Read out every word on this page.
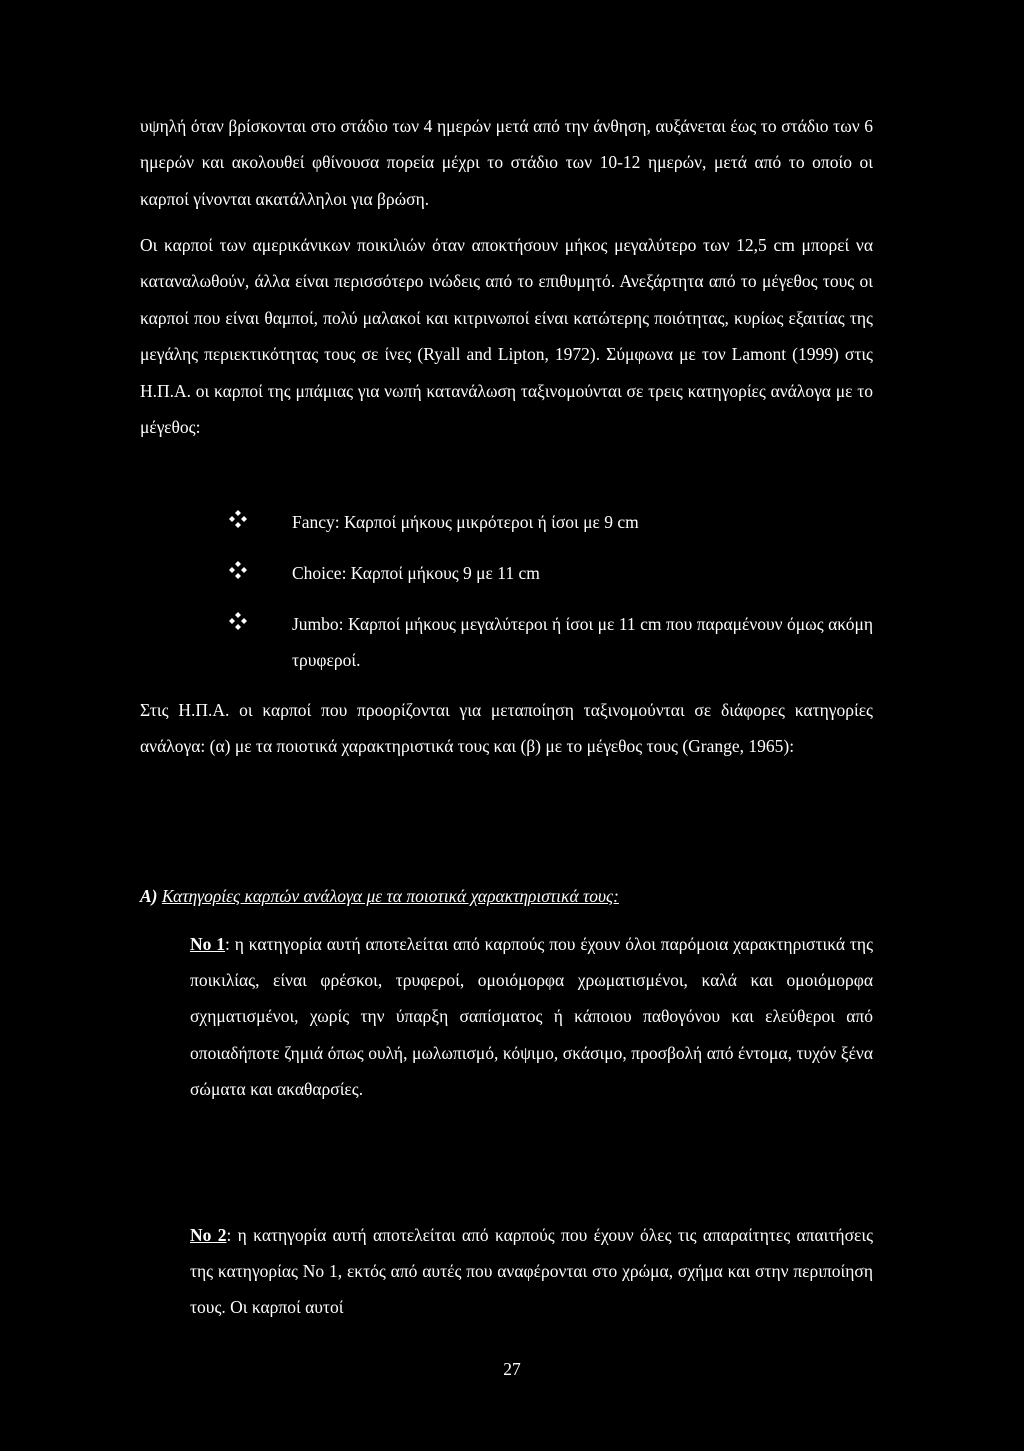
υψηλή όταν βρίσκονται στο στάδιο των 4 ημερών μετά από την άνθηση, αυξάνεται έως το στάδιο των 6 ημερών και ακολουθεί φθίνουσα πορεία μέχρι το στάδιο των 10-12 ημερών, μετά από το οποίο οι καρποί γίνονται ακατάλληλοι για βρώση.

Οι καρποί των αμερικάνικων ποικιλιών όταν αποκτήσουν μήκος μεγαλύτερο των 12,5 cm μπορεί να καταναλωθούν, άλλα είναι περισσότερο ινώδεις από το επιθυμητό. Ανεξάρτητα από το μέγεθος τους οι καρποί που είναι θαμποί, πολύ μαλακοί και κιτρινωποί είναι κατώτερης ποιότητας, κυρίως εξαιτίας της μεγάλης περιεκτικότητας τους σε ίνες (Ryall and Lipton, 1972). Σύμφωνα με τον Lamont (1999) στις Η.Π.Α. οι καρποί της μπάμιας για νωπή κατανάλωση ταξινομούνται σε τρεις κατηγορίες ανάλογα με το μέγεθος:

Fancy: Καρποί μήκους μικρότεροι ή ίσοι με 9 cm

Choice: Καρποί μήκους 9 με 11 cm

Jumbo: Καρποί μήκους μεγαλύτεροι ή ίσοι με 11 cm που παραμένουν όμως ακόμη τρυφεροί.

Στις Η.Π.Α. οι καρποί που προορίζονται για μεταποίηση ταξινομούνται σε διάφορες κατηγορίες ανάλογα: (α) με τα ποιοτικά χαρακτηριστικά τους και (β) με το μέγεθος τους (Grange, 1965):

Α) Κατηγορίες καρπών ανάλογα με τα ποιοτικά χαρακτηριστικά τους:

No 1: η κατηγορία αυτή αποτελείται από καρπούς που έχουν όλοι παρόμοια χαρακτηριστικά της ποικιλίας, είναι φρέσκοι, τρυφεροί, ομοιόμορφα χρωματισμένοι, καλά και ομοιόμορφα σχηματισμένοι, χωρίς την ύπαρξη σαπίσματος ή κάποιου παθογόνου και ελεύθεροι από οποιαδήποτε ζημιά όπως ουλή, μωλωπισμό, κόψιμο, σκάσιμο, προσβολή από έντομα, τυχόν ξένα σώματα και ακαθαρσίες.

No 2: η κατηγορία αυτή αποτελείται από καρπούς που έχουν όλες τις απαραίτητες απαιτήσεις της κατηγορίας No 1, εκτός από αυτές που αναφέρονται στο χρώμα, σχήμα και στην περιποίηση τους. Οι καρποί αυτοί

27
